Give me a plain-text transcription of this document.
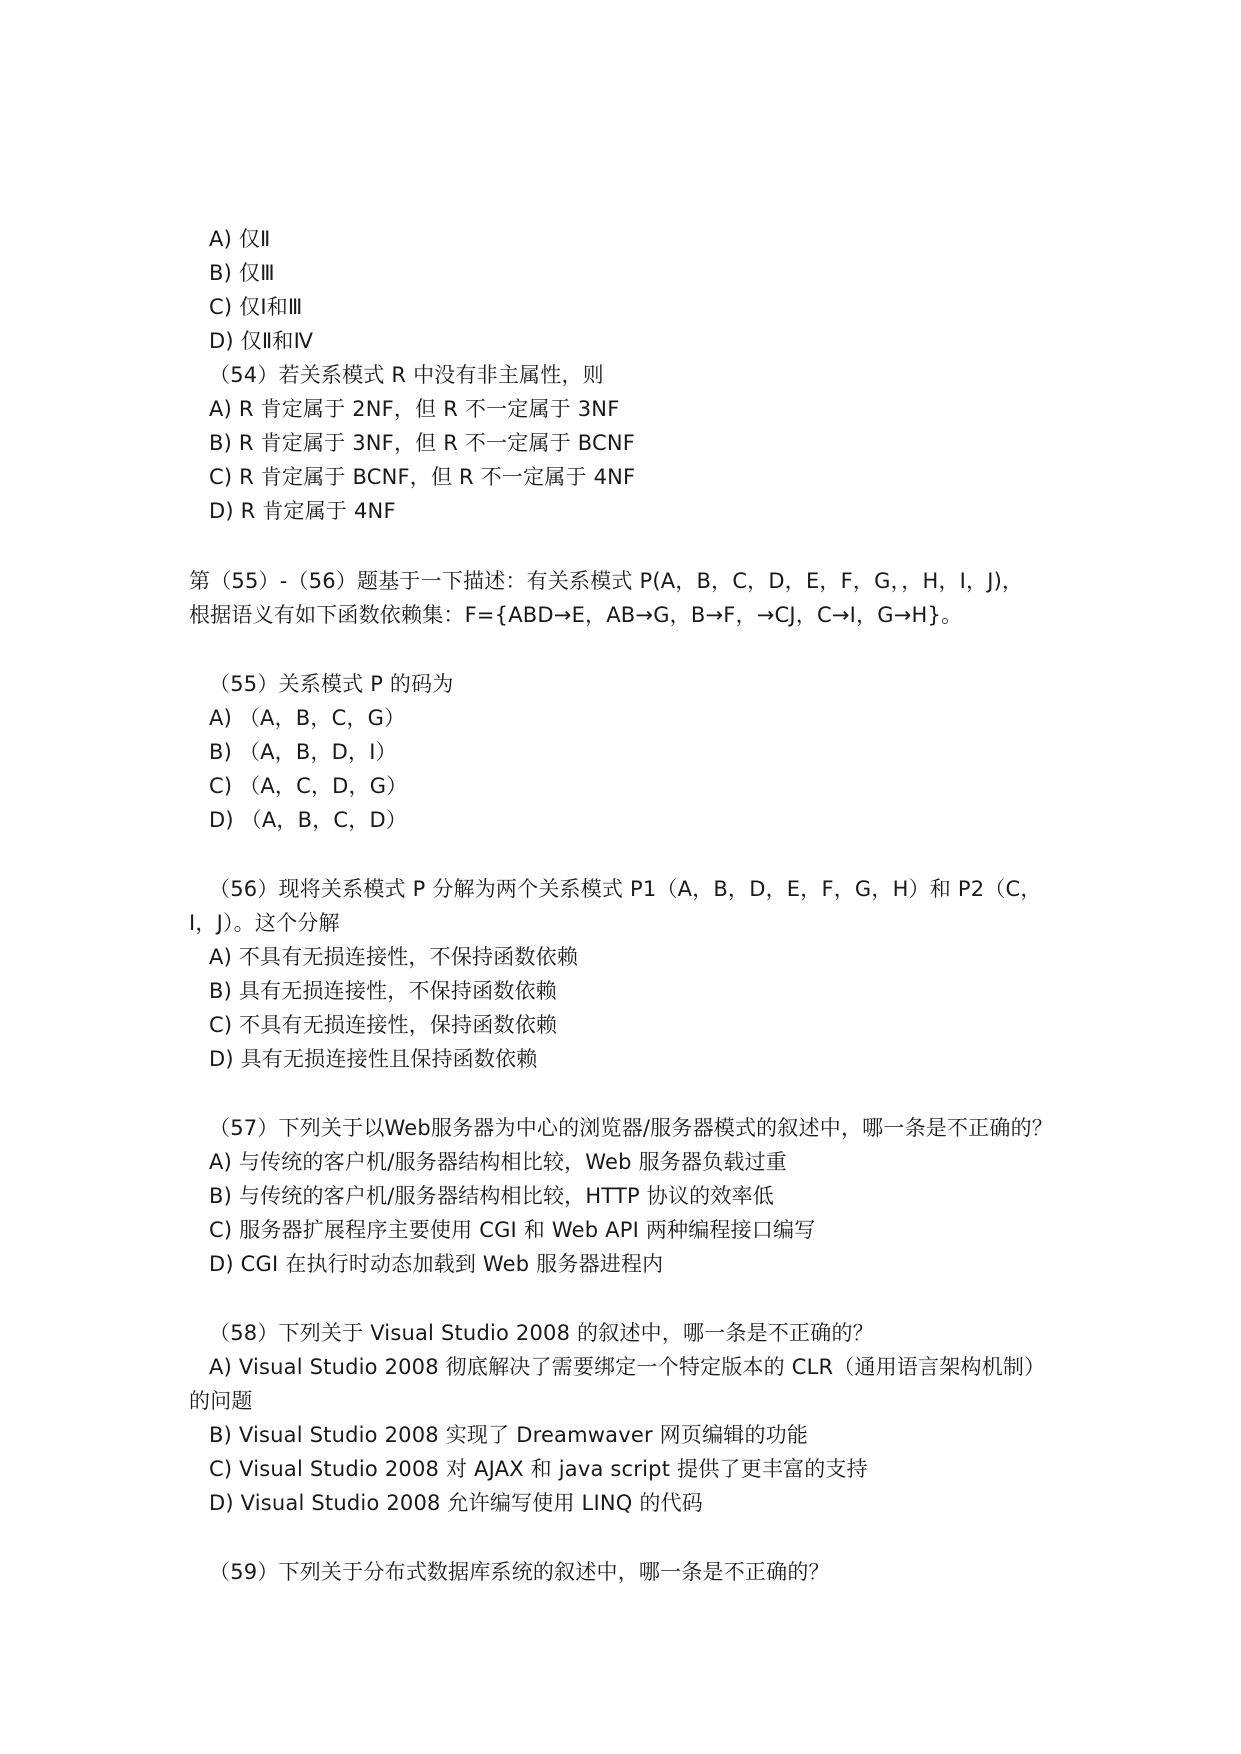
A) 仅Ⅱ
B) 仅Ⅲ
C) 仅Ⅰ和Ⅲ
D) 仅Ⅱ和Ⅳ
（54）若关系模式 R 中没有非主属性，则
A) R 肯定属于 2NF，但 R 不一定属于 3NF
B) R 肯定属于 3NF，但 R 不一定属于 BCNF
C) R 肯定属于 BCNF，但 R 不一定属于 4NF
D) R 肯定属于 4NF
第（55）-（56）题基于一下描述：有关系模式 P(A，B，C，D，E，F，G，，H，I，J)，
根据语义有如下函数依赖集：F={ABD→E，AB→G，B→F，→CJ，C→I，G→H}。
（55）关系模式 P 的码为
A) （A，B，C，G）
B) （A，B，D，I）
C) （A，C，D，G）
D) （A，B，C，D）
（56）现将关系模式 P 分解为两个关系模式 P1（A，B，D，E，F，G，H）和 P2（C，
I，J）。这个分解
A) 不具有无损连接性，不保持函数依赖
B) 具有无损连接性，不保持函数依赖
C) 不具有无损连接性，保持函数依赖
D) 具有无损连接性且保持函数依赖
（57）下列关于以Web服务器为中心的浏览器/服务器模式的叙述中，哪一条是不正确的？
A) 与传统的客户机/服务器结构相比较，Web 服务器负载过重
B) 与传统的客户机/服务器结构相比较，HTTP 协议的效率低
C) 服务器扩展程序主要使用 CGI 和 Web API 两种编程接口编写
D) CGI 在执行时动态加载到 Web 服务器进程内
（58）下列关于 Visual Studio 2008 的叙述中，哪一条是不正确的？
A) Visual Studio 2008 彻底解决了需要绑定一个特定版本的 CLR（通用语言架构机制）
的问题
B) Visual Studio 2008 实现了 Dreamwaver 网页编辑的功能
C) Visual Studio 2008 对 AJAX 和 java script 提供了更丰富的支持
D) Visual Studio 2008 允许编写使用 LINQ 的代码
（59）下列关于分布式数据库系统的叙述中，哪一条是不正确的？
